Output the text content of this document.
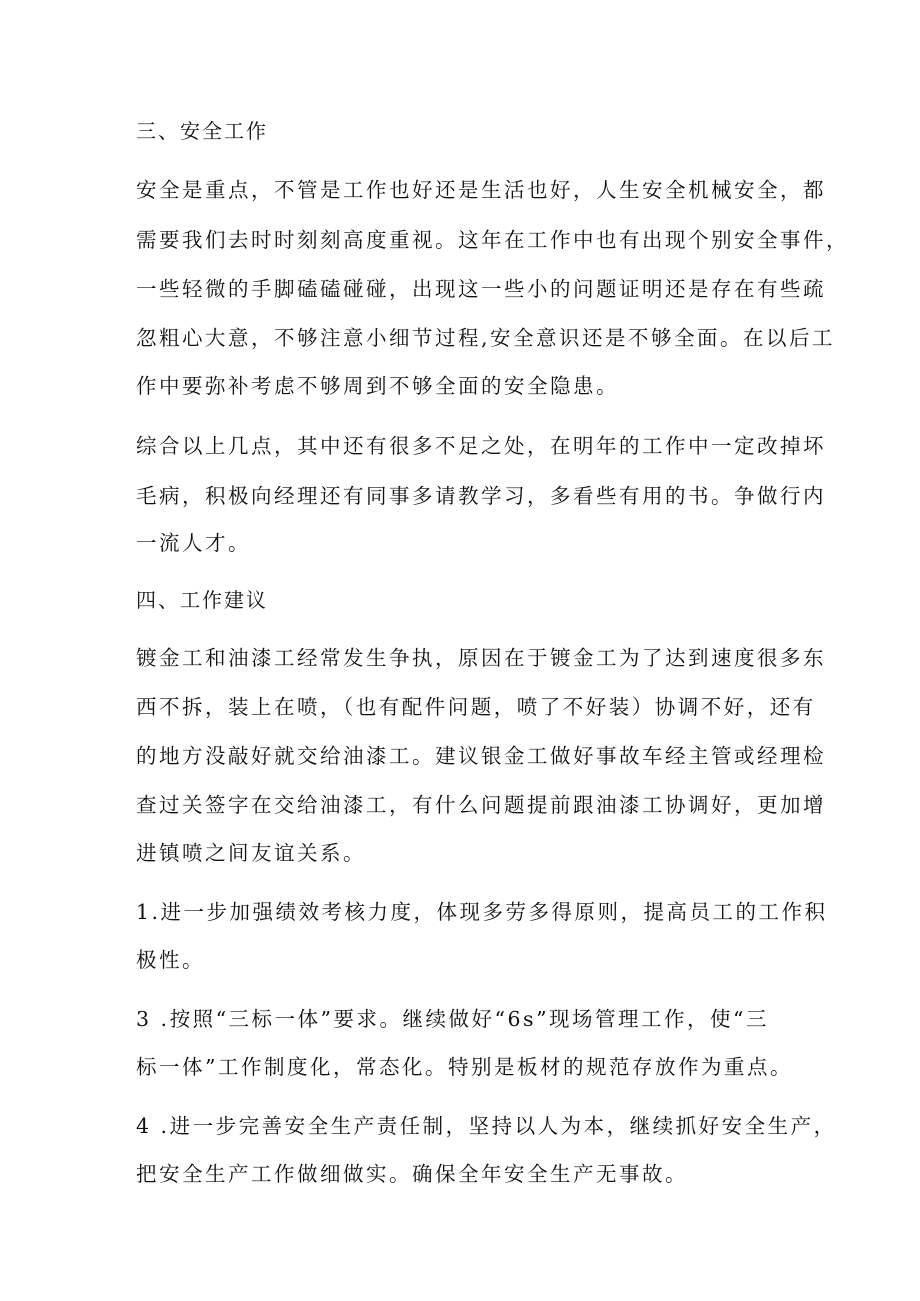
三、安全工作

安全是重点，不管是工作也好还是生活也好，人生安全机械安全，都

需要我们去时时刻刻高度重视。这年在工作中也有出现个别安全事件，

一些轻微的手脚磕磕碰碰，出现这一些小的问题证明还是存在有些疏

忽粗心大意，不够注意小细节过程,安全意识还是不够全面。在以后工

作中要弥补考虑不够周到不够全面的安全隐患。

综合以上几点，其中还有很多不足之处，在明年的工作中一定改掉坏

毛病，积极向经理还有同事多请教学习，多看些有用的书。争做行内

一流人才。

四、工作建议

镀金工和油漆工经常发生争执，原因在于镀金工为了达到速度很多东

西不拆，装上在喷，（也有配件问题，喷了不好装）协调不好，还有

的地方没敲好就交给油漆工。建议银金工做好事故车经主管或经理检

查过关签字在交给油漆工，有什么问题提前跟油漆工协调好，更加增

进镇喷之间友谊关系。

1.进一步加强绩效考核力度，体现多劳多得原则，提高员工的工作积

极性。

3 .按照“三标一体”要求。继续做好“6s”现场管理工作，使“三

标一体”工作制度化，常态化。特别是板材的规范存放作为重点。

4 .进一步完善安全生产责任制，坚持以人为本，继续抓好安全生产，

把安全生产工作做细做实。确保全年安全生产无事故。
